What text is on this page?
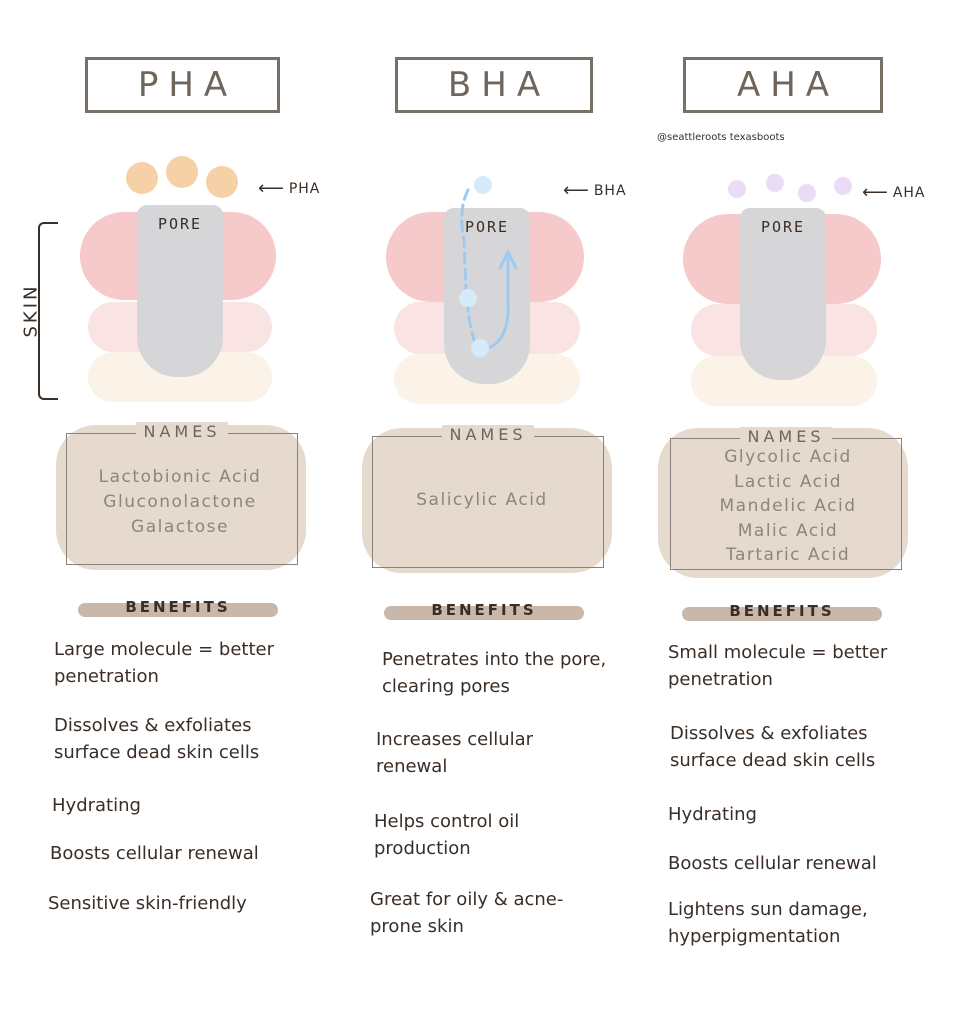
SKIN
@seattleroots texasboots
PHA
⟵ PHA
PORE
NAMES
Lactobionic Acid
Gluconolactone
Galactose
BENEFITS
Large molecule = better penetration
Dissolves & exfoliates surface dead skin cells
Hydrating
Boosts cellular renewal
Sensitive skin-friendly
BHA
⟵ BHA
PORE
NAMES
Salicylic Acid
BENEFITS
Penetrates into the pore, clearing pores
Increases cellular renewal
Helps control oil production
Great for oily & acne-prone skin
AHA
⟵ AHA
PORE
NAMES
Glycolic Acid
Lactic Acid
Mandelic Acid
Malic Acid
Tartaric Acid
BENEFITS
Small molecule = better penetration
Dissolves & exfoliates surface dead skin cells
Hydrating
Boosts cellular renewal
Lightens sun damage, hyperpigmentation
